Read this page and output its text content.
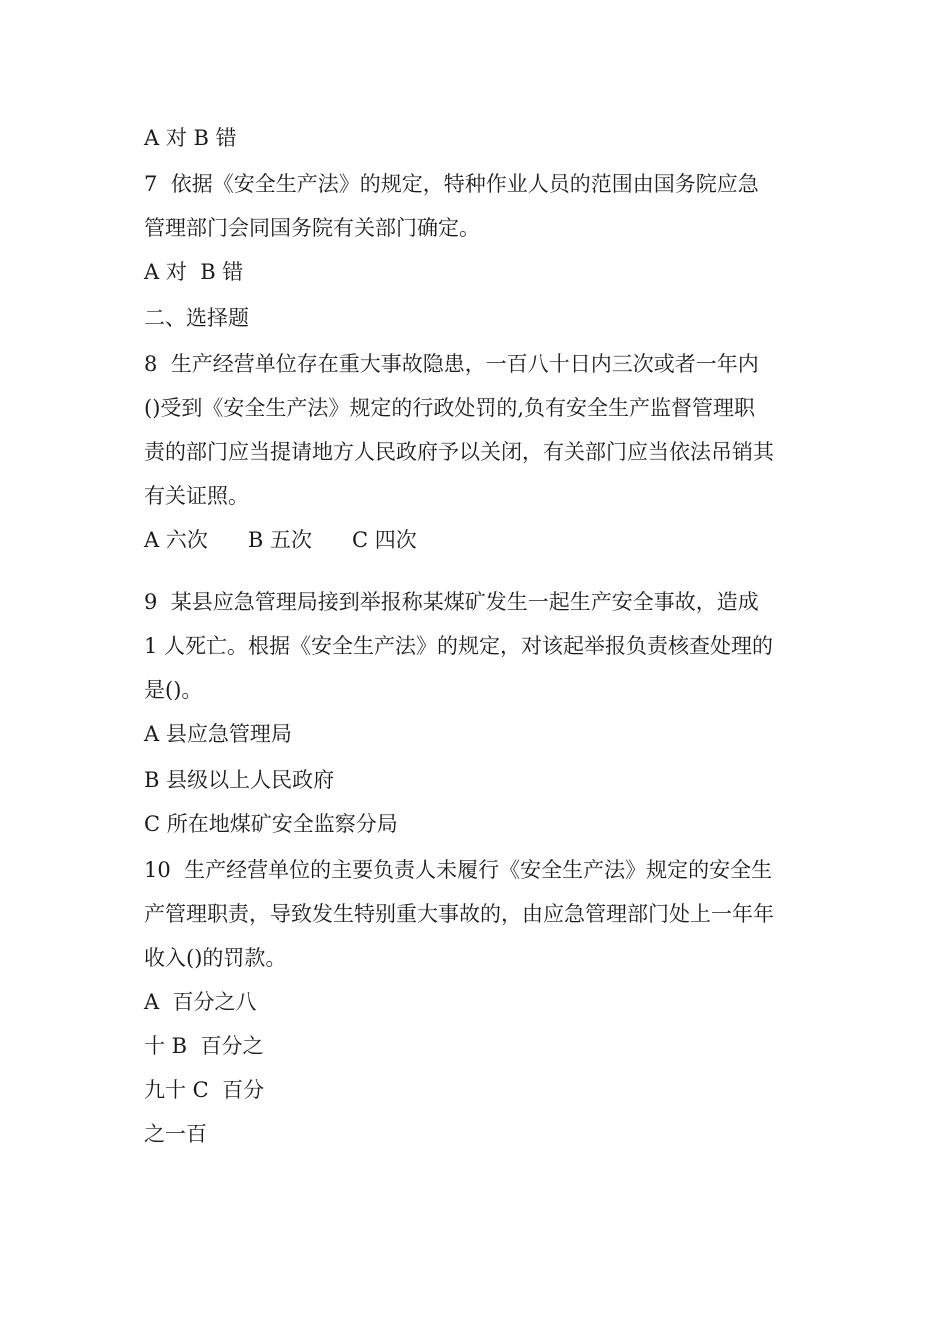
A 对 B 错
7  依据《安全生产法》的规定，特种作业人员的范围由国务院应急
管理部门会同国务院有关部门确定。
A 对  B 错
二、选择题
8  生产经营单位存在重大事故隐患，一百八十日内三次或者一年内
()受到《安全生产法》规定的行政处罚的,负有安全生产监督管理职
责的部门应当提请地方人民政府予以关闭，有关部门应当依法吊销其
有关证照。
A 六次      B 五次      C 四次
9  某县应急管理局接到举报称某煤矿发生一起生产安全事故，造成
1 人死亡。根据《安全生产法》的规定，对该起举报负责核查处理的
是()。
A 县应急管理局
B 县级以上人民政府
C 所在地煤矿安全监察分局
10  生产经营单位的主要负责人未履行《安全生产法》规定的安全生
产管理职责，导致发生特别重大事故的，由应急管理部门处上一年年
收入()的罚款。
A  百分之八
十 B  百分之
九十 C  百分
之一百
